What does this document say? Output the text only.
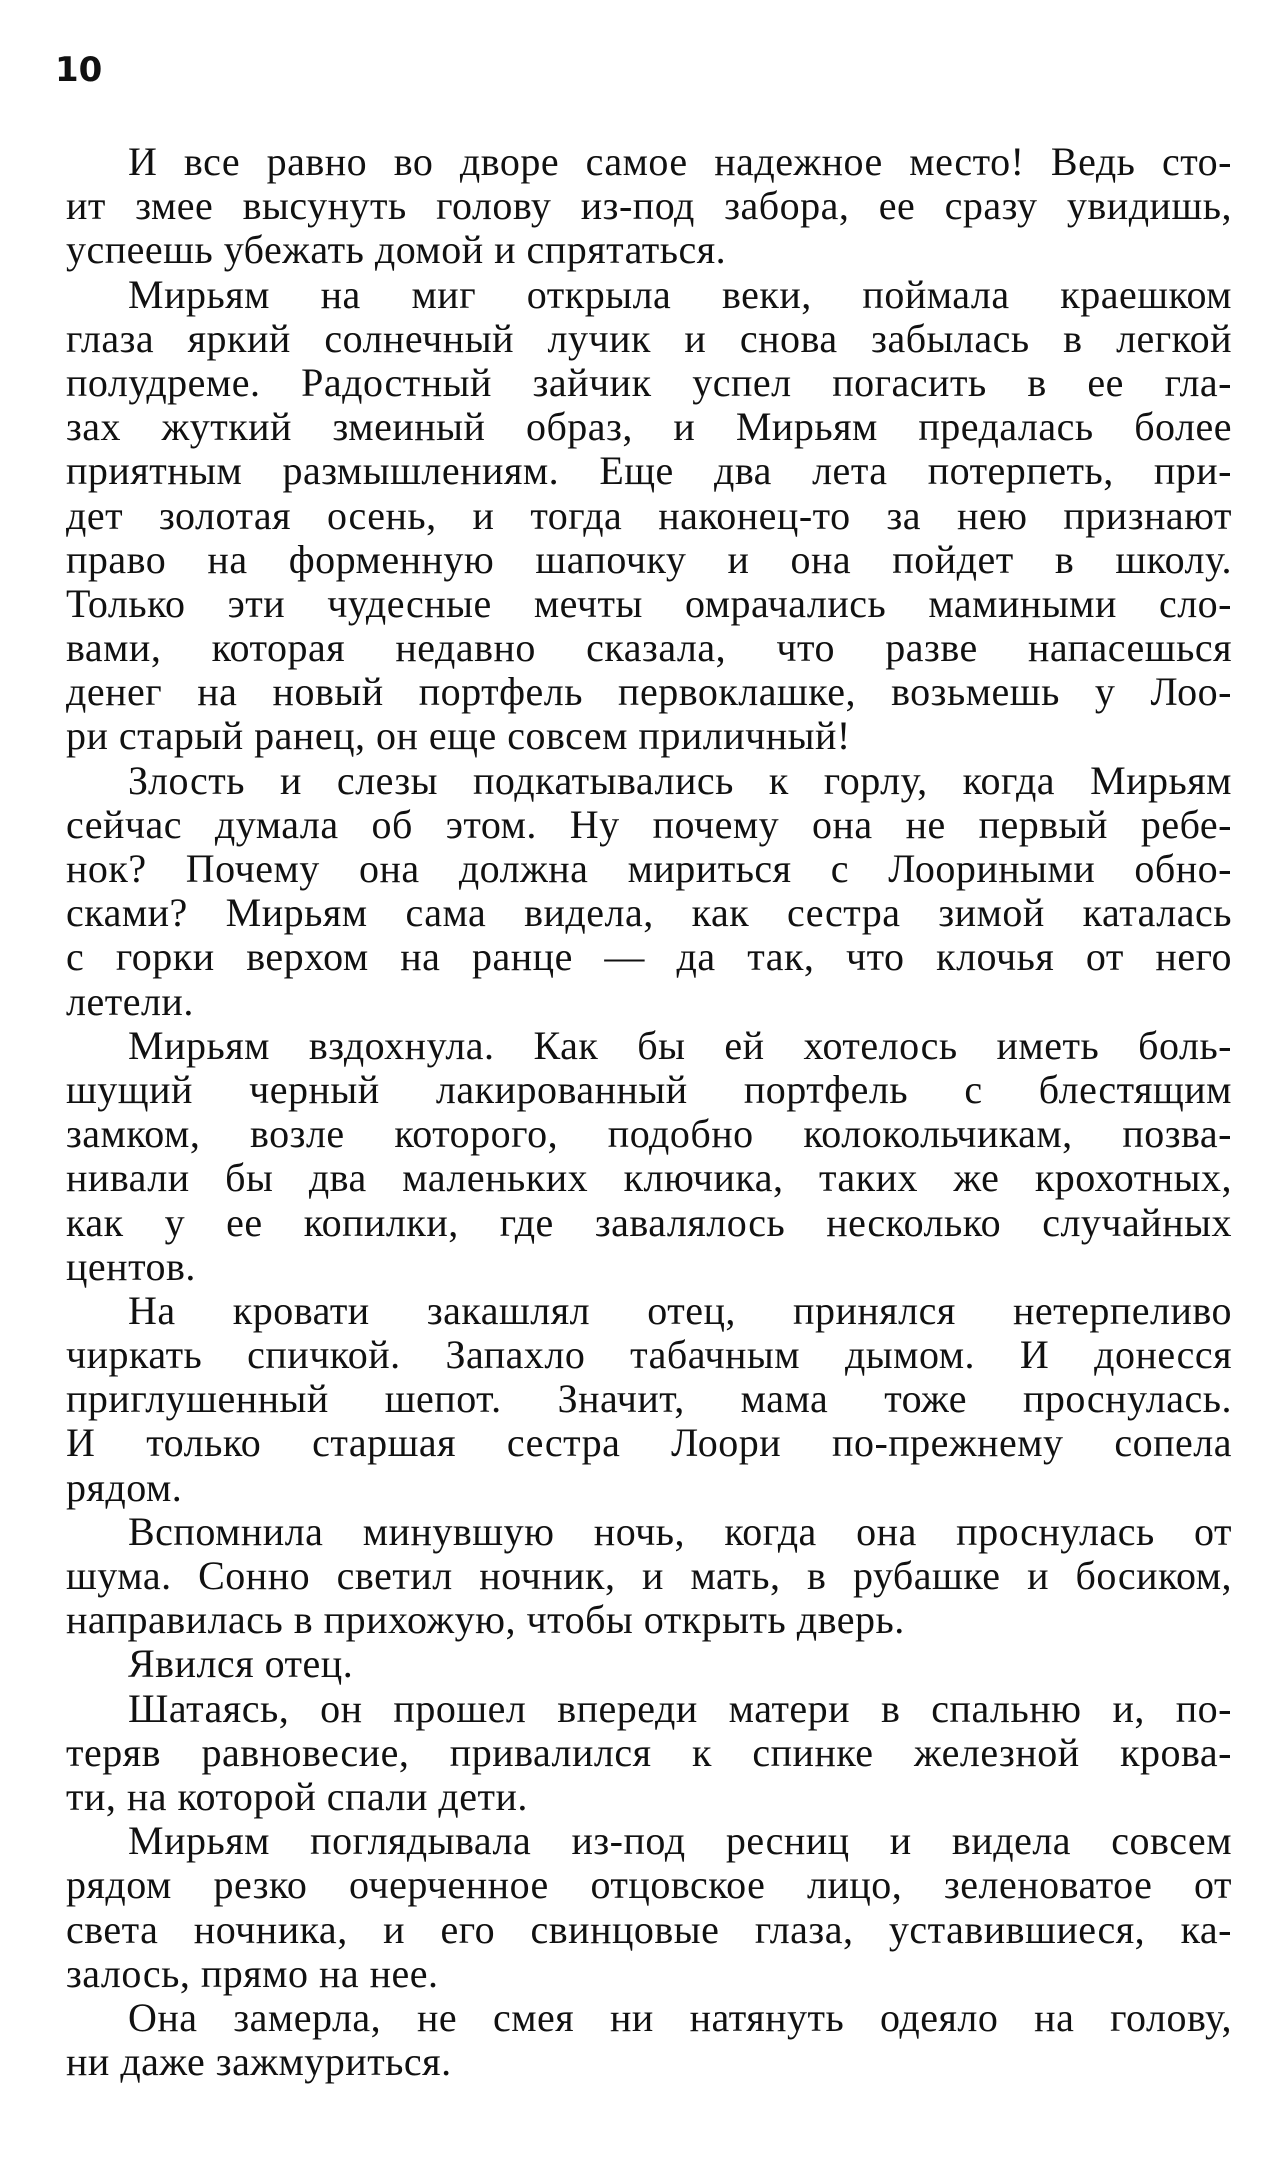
10
И все равно во дворе самое надежное место! Ведь сто-
ит змее высунуть голову из-под забора, ее сразу увидишь,
успеешь убежать домой и спрятаться.
Мирьям на миг открыла веки, поймала краешком
глаза яркий солнечный лучик и снова забылась в легкой
полудреме. Радостный зайчик успел погасить в ее гла-
зах жуткий змеиный образ, и Мирьям предалась более
приятным размышлениям. Еще два лета потерпеть, при-
дет золотая осень, и тогда наконец-то за нею признают
право на форменную шапочку и она пойдет в школу.
Только эти чудесные мечты омрачались мамиными сло-
вами, которая недавно сказала, что разве напасешься
денег на новый портфель первоклашке, возьмешь у Лоо-
ри старый ранец, он еще совсем приличный!
Злость и слезы подкатывались к горлу, когда Мирьям
сейчас думала об этом. Ну почему она не первый ребе-
нок? Почему она должна мириться с Лоориными обно-
сками? Мирьям сама видела, как сестра зимой каталась
с горки верхом на ранце — да так, что клочья от него
летели.
Мирьям вздохнула. Как бы ей хотелось иметь боль-
шущий черный лакированный портфель с блестящим
замком, возле которого, подобно колокольчикам, позва-
нивали бы два маленьких ключика, таких же крохотных,
как у ее копилки, где завалялось несколько случайных
центов.
На кровати закашлял отец, принялся нетерпеливо
чиркать спичкой. Запахло табачным дымом. И донесся
приглушенный шепот. Значит, мама тоже проснулась.
И только старшая сестра Лоори по-прежнему сопела
рядом.
Вспомнила минувшую ночь, когда она проснулась от
шума. Сонно светил ночник, и мать, в рубашке и босиком,
направилась в прихожую, чтобы открыть дверь.
Явился отец.
Шатаясь, он прошел впереди матери в спальню и, по-
теряв равновесие, привалился к спинке железной крова-
ти, на которой спали дети.
Мирьям поглядывала из-под ресниц и видела совсем
рядом резко очерченное отцовское лицо, зеленоватое от
света ночника, и его свинцовые глаза, уставившиеся, ка-
залось, прямо на нее.
Она замерла, не смея ни натянуть одеяло на голову,
ни даже зажмуриться.
